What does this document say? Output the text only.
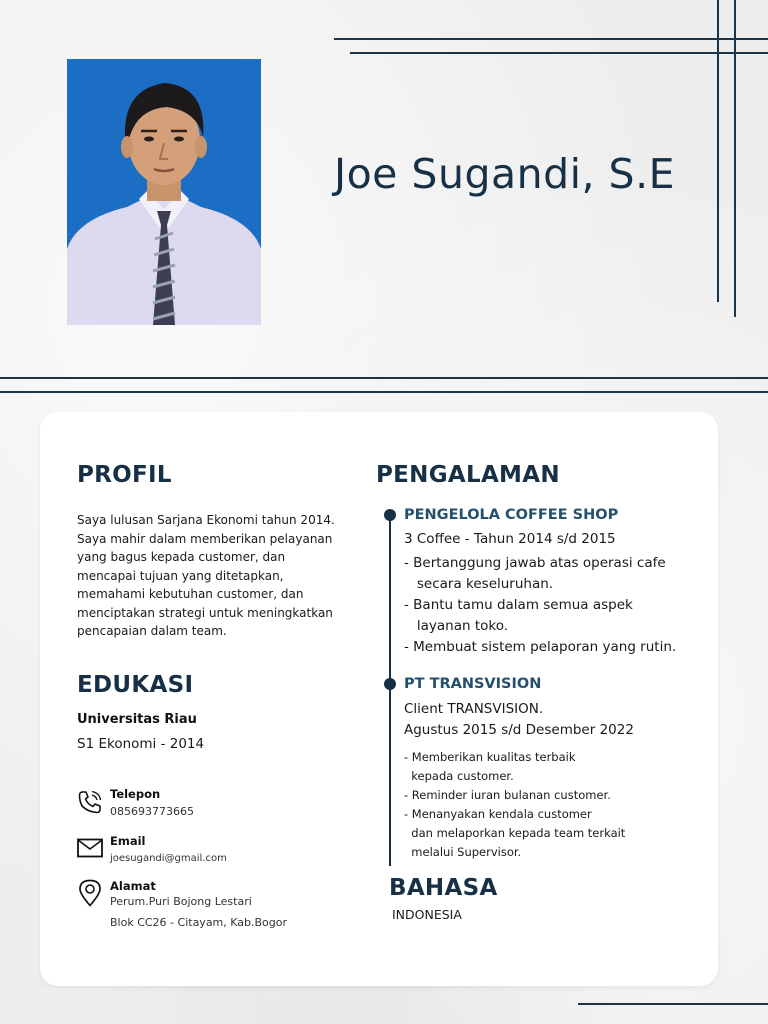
Joe Sugandi, S.E
PROFIL
Saya lulusan Sarjana Ekonomi tahun 2014.
Saya mahir dalam memberikan pelayanan
yang bagus kepada customer, dan
mencapai tujuan yang ditetapkan,
memahami kebutuhan customer, dan
menciptakan strategi untuk meningkatkan
pencapaian dalam team.
EDUKASI
Universitas Riau
S1 Ekonomi - 2014
Telepon
085693773665
Email
joesugandi@gmail.com
Alamat
Perum.Puri Bojong Lestari
Blok CC26 - Citayam, Kab.Bogor
PENGALAMAN
PENGELOLA COFFEE SHOP
3 Coffee - Tahun 2014 s/d 2015
- Bertanggung jawab atas operasi cafe
secara keseluruhan.
- Bantu tamu dalam semua aspek
layanan toko.
- Membuat sistem pelaporan yang rutin.
PT TRANSVISION
Client TRANSVISION.
Agustus 2015 s/d Desember 2022
- Memberikan kualitas terbaik
kepada customer.
- Reminder iuran bulanan customer.
- Menanyakan kendala customer
dan melaporkan kepada team terkait
melalui Supervisor.
BAHASA
INDONESIA
